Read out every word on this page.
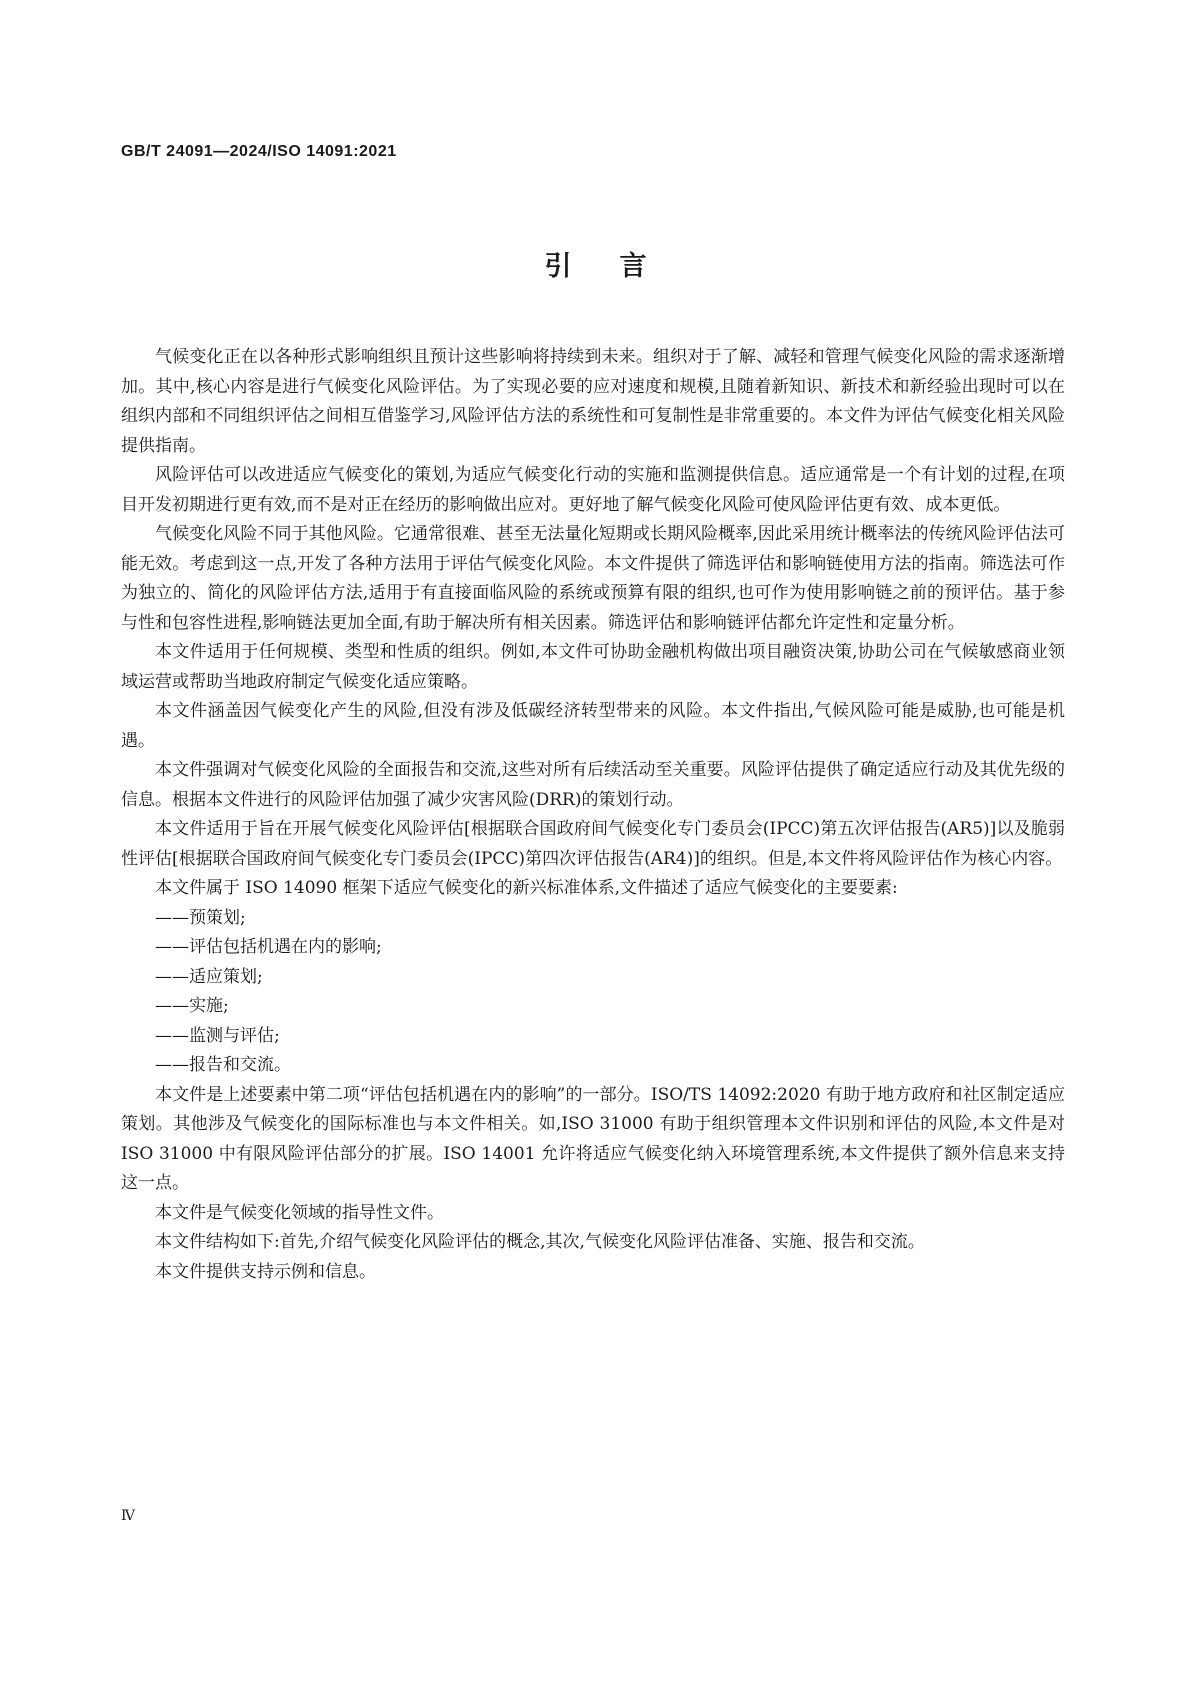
GB/T 24091—2024/ISO 14091:2021
引言

气候变化正在以各种形式影响组织且预计这些影响将持续到未来。组织对于了解、减轻和管理气候变化风险的需求逐渐增加。其中,核心内容是进行气候变化风险评估。为了实现必要的应对速度和规模,且随着新知识、新技术和新经验出现时可以在组织内部和不同组织评估之间相互借鉴学习,风险评估方法的系统性和可复制性是非常重要的。本文件为评估气候变化相关风险提供指南。

风险评估可以改进适应气候变化的策划,为适应气候变化行动的实施和监测提供信息。适应通常是一个有计划的过程,在项目开发初期进行更有效,而不是对正在经历的影响做出应对。更好地了解气候变化风险可使风险评估更有效、成本更低。

气候变化风险不同于其他风险。它通常很难、甚至无法量化短期或长期风险概率,因此采用统计概率法的传统风险评估法可能无效。考虑到这一点,开发了各种方法用于评估气候变化风险。本文件提供了筛选评估和影响链使用方法的指南。筛选法可作为独立的、简化的风险评估方法,适用于有直接面临风险的系统或预算有限的组织,也可作为使用影响链之前的预评估。基于参与性和包容性进程,影响链法更加全面,有助于解决所有相关因素。筛选评估和影响链评估都允许定性和定量分析。

本文件适用于任何规模、类型和性质的组织。例如,本文件可协助金融机构做出项目融资决策,协助公司在气候敏感商业领域运营或帮助当地政府制定气候变化适应策略。

本文件涵盖因气候变化产生的风险,但没有涉及低碳经济转型带来的风险。本文件指出,气候风险可能是威胁,也可能是机遇。

本文件强调对气候变化风险的全面报告和交流,这些对所有后续活动至关重要。风险评估提供了确定适应行动及其优先级的信息。根据本文件进行的风险评估加强了减少灾害风险(DRR)的策划行动。

本文件适用于旨在开展气候变化风险评估[根据联合国政府间气候变化专门委员会(IPCC)第五次评估报告(AR5)]以及脆弱性评估[根据联合国政府间气候变化专门委员会(IPCC)第四次评估报告(AR4)]的组织。但是,本文件将风险评估作为核心内容。

本文件属于 ISO 14090 框架下适应气候变化的新兴标准体系,文件描述了适应气候变化的主要要素:

——预策划;
——评估包括机遇在内的影响;
——适应策划;
——实施;
——监测与评估;
——报告和交流。

本文件是上述要素中第二项“评估包括机遇在内的影响”的一部分。ISO/TS 14092:2020 有助于地方政府和社区制定适应策划。其他涉及气候变化的国际标准也与本文件相关。如,ISO 31000 有助于组织管理本文件识别和评估的风险,本文件是对 ISO 31000 中有限风险评估部分的扩展。ISO 14001 允许将适应气候变化纳入环境管理系统,本文件提供了额外信息来支持这一点。

本文件是气候变化领域的指导性文件。

本文件结构如下:首先,介绍气候变化风险评估的概念,其次,气候变化风险评估准备、实施、报告和交流。

本文件提供支持示例和信息。

Ⅳ
